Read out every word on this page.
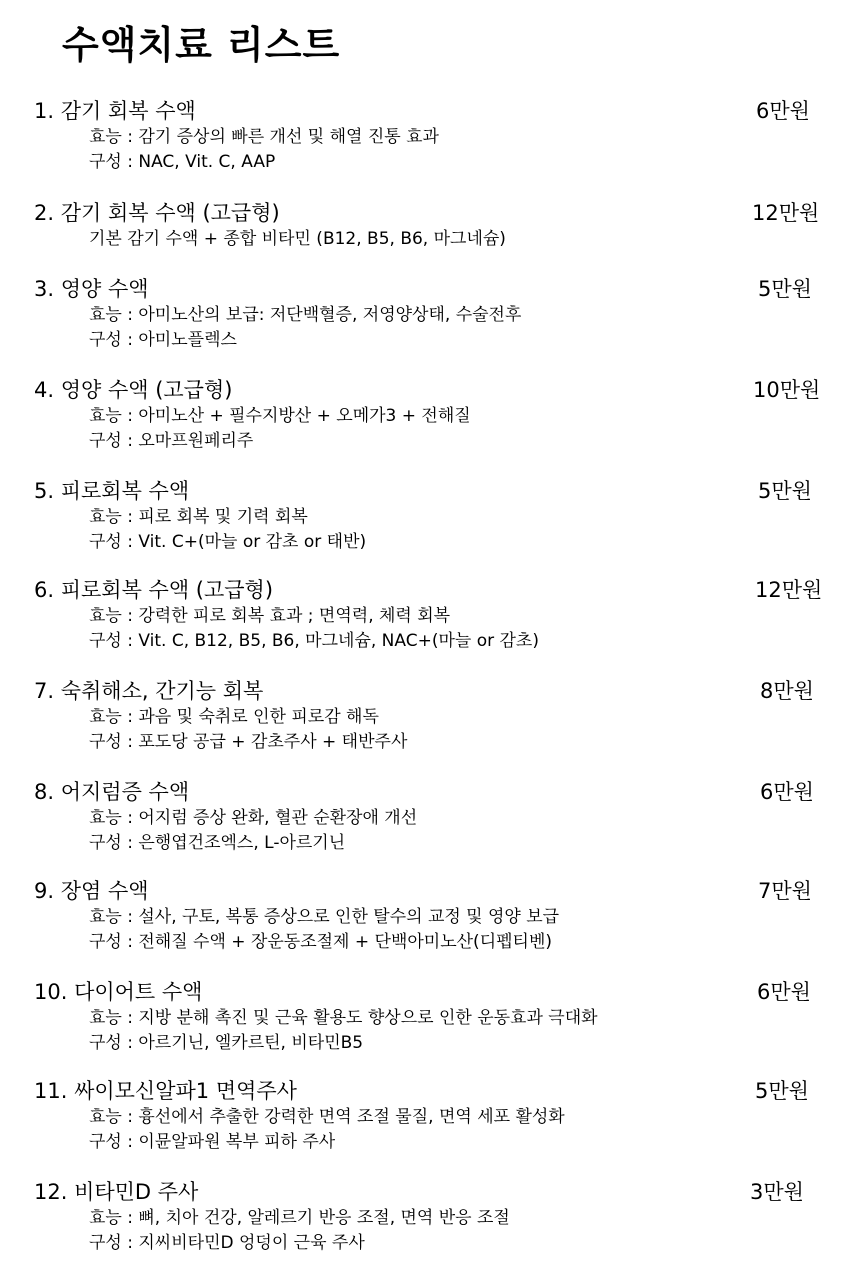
수액치료 리스트
1. 감기 회복 수액	6만원
효능 : 감기 증상의 빠른 개선 및 해열 진통 효과
구성 : NAC, Vit. C, AAP
2. 감기 회복 수액 (고급형)	12만원
기본 감기 수액 + 종합 비타민 (B12, B5, B6, 마그네슘)
3. 영양 수액	5만원
효능 : 아미노산의 보급: 저단백혈증, 저영양상태, 수술전후
구성 : 아미노플렉스
4. 영양 수액 (고급형)	10만원
효능 : 아미노산 + 필수지방산 + 오메가3 + 전해질
구성 : 오마프원페리주
5. 피로회복 수액	5만원
효능 : 피로 회복 및 기력 회복
구성 : Vit. C+(마늘 or 감초 or 태반)
6. 피로회복 수액 (고급형)	12만원
효능 : 강력한 피로 회복 효과 ; 면역력, 체력 회복
구성 : Vit. C, B12, B5, B6, 마그네슘, NAC+(마늘 or 감초)
7. 숙취해소, 간기능 회복	8만원
효능 : 과음 및 숙취로 인한 피로감 해독
구성 : 포도당 공급 + 감초주사 + 태반주사
8. 어지럼증 수액	6만원
효능 : 어지럼 증상 완화, 혈관 순환장애 개선
구성 : 은행엽건조엑스, L-아르기닌
9. 장염 수액	7만원
효능 : 설사, 구토, 복통 증상으로 인한 탈수의 교정 및 영양 보급
구성 : 전해질 수액 + 장운동조절제 + 단백아미노산(디펩티벤)
10. 다이어트 수액	6만원
효능 : 지방 분해 촉진 및 근육 활용도 향상으로 인한 운동효과 극대화
구성 : 아르기닌, 엘카르틴, 비타민B5
11. 싸이모신알파1 면역주사	5만원
효능 : 흉선에서 추출한 강력한 면역 조절 물질, 면역 세포 활성화
구성 : 이뮨알파원 복부 피하 주사
12. 비타민D 주사	3만원
효능 : 뼈, 치아 건강, 알레르기 반응 조절, 면역 반응 조절
구성 : 지씨비타민D 엉덩이 근육 주사
